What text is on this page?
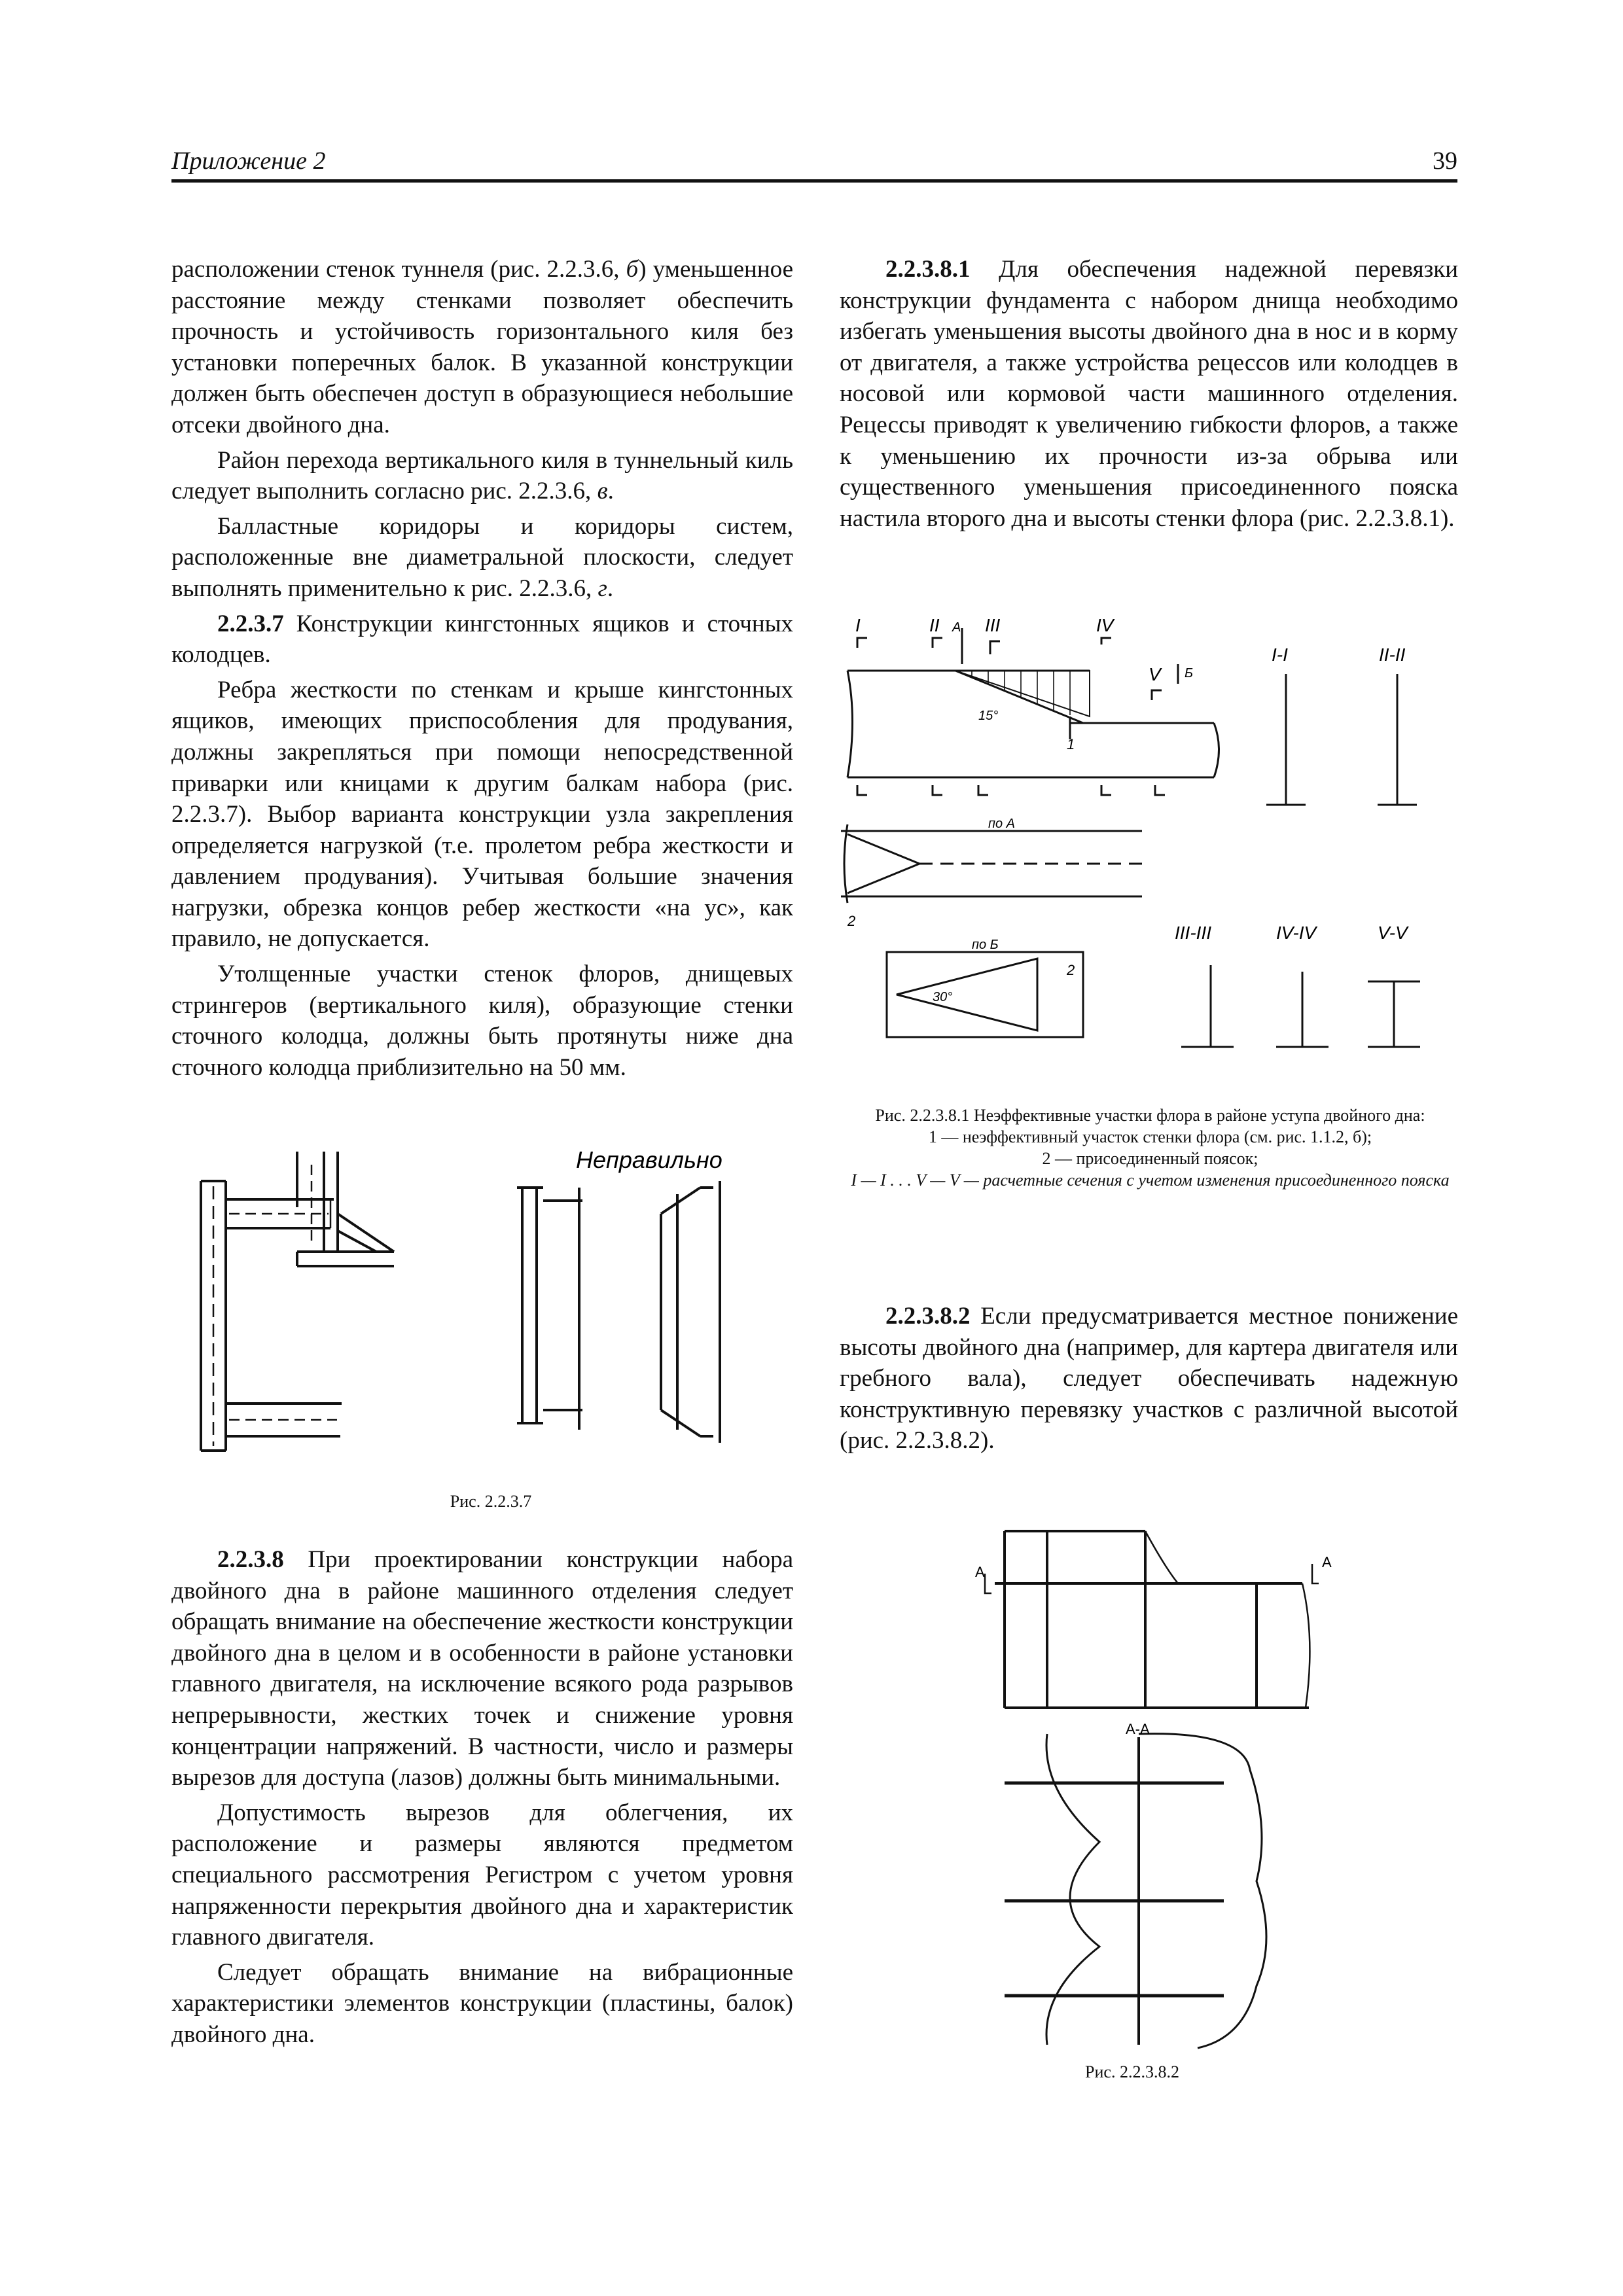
Приложение 2	39

расположении стенок туннеля (рис. 2.2.3.6, б) уменьшенное расстояние между стенками позволяет обеспечить прочность и устойчивость горизонтального киля без установки поперечных балок. В указанной конструкции должен быть обеспечен доступ в образующиеся небольшие отсеки двойного дна.

Район перехода вертикального киля в туннельный киль следует выполнить согласно рис. 2.2.3.6, в.

Балластные коридоры и коридоры систем, расположенные вне диаметральной плоскости, следует выполнять применительно к рис. 2.2.3.6, г.

2.2.3.7 Конструкции кингстонных ящиков и сточных колодцев.

Ребра жесткости по стенкам и крыше кингстонных ящиков, имеющих приспособления для продувания, должны закрепляться при помощи непосредственной приварки или кницами к другим балкам набора (рис. 2.2.3.7). Выбор варианта конструкции узла закрепления определяется нагрузкой (т.е. пролетом ребра жесткости и давлением продувания). Учитывая большие значения нагрузки, обрезка концов ребер жесткости «на ус», как правило, не допускается.

Утолщенные участки стенок флоров, днищевых стрингеров (вертикального киля), образующие стенки сточного колодца, должны быть протянуты ниже дна сточного колодца приблизительно на 50 мм.

Неправильно
Рис. 2.2.3.7

2.2.3.8 При проектировании конструкции набора двойного дна в районе машинного отделения следует обращать внимание на обеспечение жесткости конструкции двойного дна в целом и в особенности в районе установки главного двигателя, на исключение всякого рода разрывов непрерывности, жестких точек и снижение уровня концентрации напряжений. В частности, число и размеры вырезов для доступа (лазов) должны быть минимальными.

Допустимость вырезов для облегчения, их расположение и размеры являются предметом специального рассмотрения Регистром с учетом уровня напряженности перекрытия двойного дна и характеристик главного двигателя.

Следует обращать внимание на вибрационные характеристики элементов конструкции (пластины, балок) двойного дна.

2.2.3.8.1 Для обеспечения надежной перевязки конструкции фундамента с набором днища необходимо избегать уменьшения высоты двойного дна в нос и в корму от двигателя, а также устройства рецессов или колодцев в носовой или кормовой части машинного отделения. Рецессы приводят к увеличению гибкости флоров, а также к уменьшению их прочности из-за обрыва или существенного уменьшения присоединенного пояска настила второго дна и высоты стенки флора (рис. 2.2.3.8.1).

I	II A III	IV
V Б
15°
1
I-I	II-II
по А
2
по Б
30°
2
III-III	IV-IV	V-V
Рис. 2.2.3.8.1 Неэффективные участки флора в районе уступа двойного дна:
1 — неэффективный участок стенки флора (см. рис. 1.1.2, б);
2 — присоединенный поясок;
I — I . . . V — V — расчетные сечения с учетом изменения присоединенного пояска

2.2.3.8.2 Если предусматривается местное понижение высоты двойного дна (например, для картера двигателя или гребного вала), следует обеспечивать надежную конструктивную перевязку участков с различной высотой (рис. 2.2.3.8.2).

А
А
А-А
Рис. 2.2.3.8.2
